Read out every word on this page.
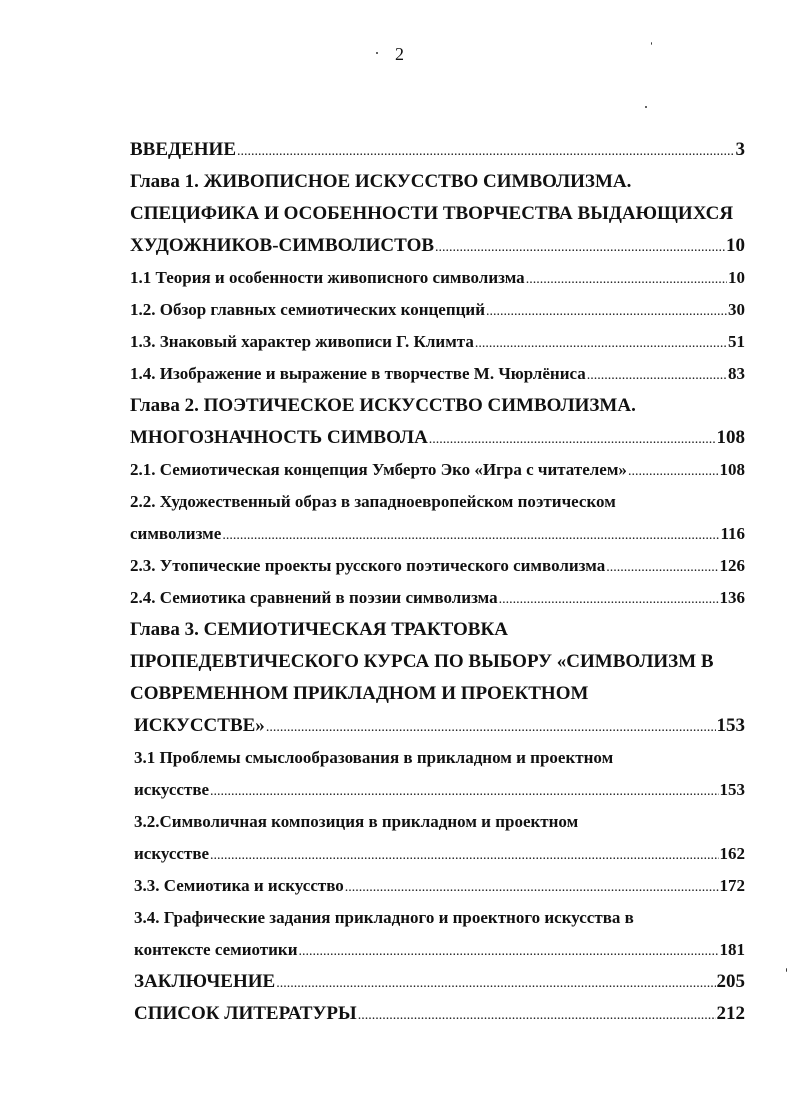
2
ВВЕДЕНИЕ .....	3
Глава 1. ЖИВОПИСНОЕ ИСКУССТВО СИМВОЛИЗМА.
СПЕЦИФИКА И ОСОБЕННОСТИ ТВОРЧЕСТВА ВЫДАЮЩИХСЯ
ХУДОЖНИКОВ-СИМВОЛИСТОВ .....	10
1.1 Теория и особенности живописного символизма .....	10
1.2. Обзор главных семиотических концепций .....	30
1.3. Знаковый характер живописи Г. Климта .....	51
1.4. Изображение и выражение в творчестве М. Чюрлёниса .....	83
Глава 2. ПОЭТИЧЕСКОЕ ИСКУССТВО СИМВОЛИЗМА.
МНОГОЗНАЧНОСТЬ СИМВОЛА .....	108
2.1. Семиотическая концепция Умберто Эко «Игра с читателем» .....	108
2.2. Художественный образ в западноевропейском поэтическом
символизме .....	116
2.3. Утопические проекты русского поэтического символизма .....	126
2.4. Семиотика сравнений в поэзии символизма .....	136
Глава 3. СЕМИОТИЧЕСКАЯ ТРАКТОВКА
ПРОПЕДЕВТИЧЕСКОГО КУРСА ПО ВЫБОРУ «СИМВОЛИЗМ В
СОВРЕМЕННОМ ПРИКЛАДНОМ И ПРОЕКТНОМ
ИСКУССТВЕ» .....	153
3.1 Проблемы смыслообразования в прикладном и проектном
искусстве .....	153
3.2.Символичная композиция в прикладном и проектном
искусстве .....	162
3.3. Семиотика и искусство .....	172
3.4. Графические задания прикладного и проектного искусства в
контексте семиотики .....	181
ЗАКЛЮЧЕНИЕ .....	205
СПИСОК ЛИТЕРАТУРЫ .....	212
